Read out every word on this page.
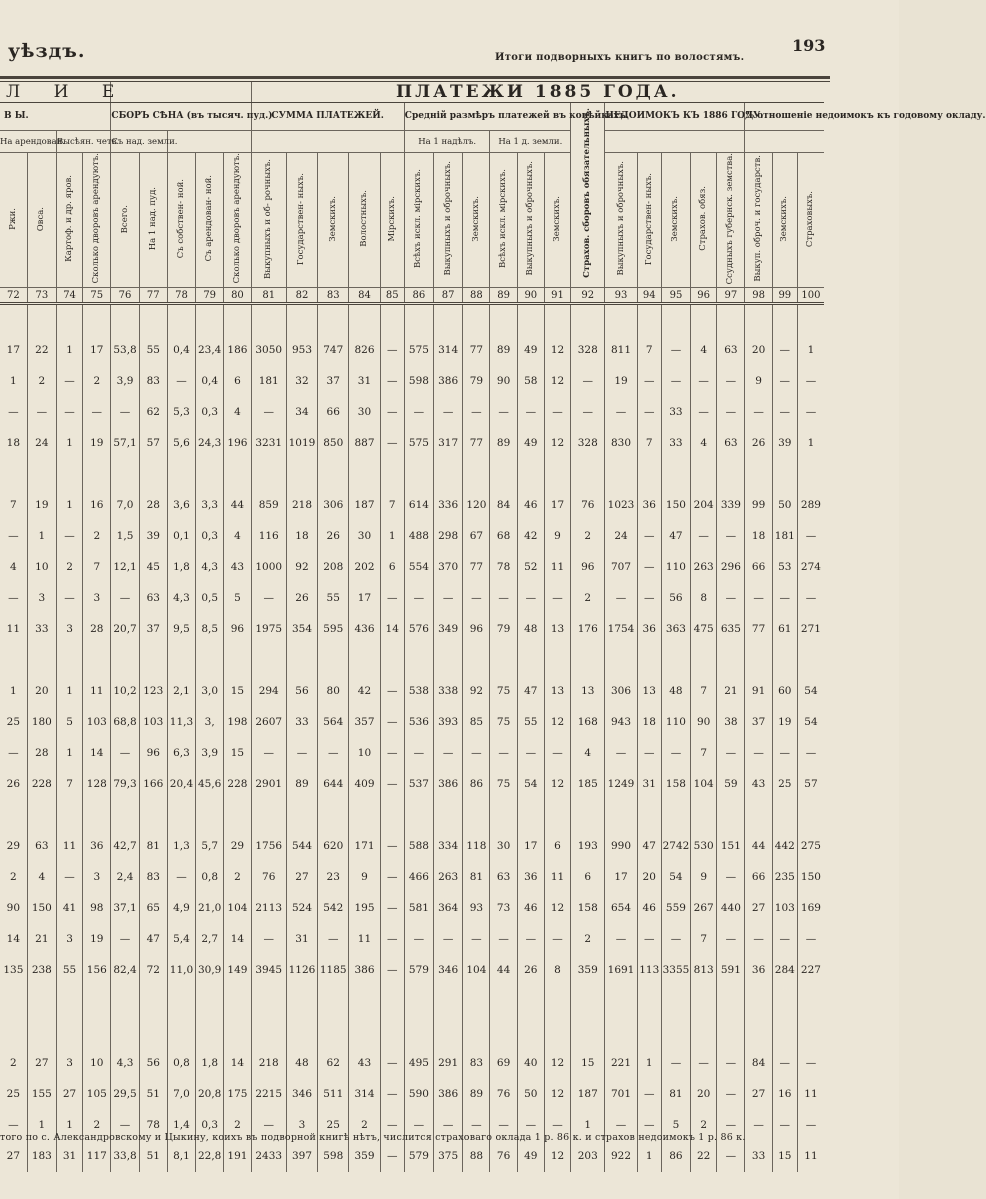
уѣздъ.	Итоги подворныхъ книгъ по волостямъ.
193
Л И Е									ПЛАТЕЖИ 1885 ГОДА.																			
В Ы.				СБОРЪ СѢНА (въ тысяч. пуд.)					СУММА ПЛАТЕЖЕЙ.					Средній размѣръ платежей въ копѣйкахъ.						Страхов. сборовъ обязательныхъ.	НЕДОИМОКЪ КЪ 1886 ГОДУ.					% отношеніе недоимокъ къ годовому окладу.		
На арендован.		Высѣян. четв.		Съ над. земли.										На 1 надѣлъ.			На 1 д. земли.											
Ржи.	Овса.	Картоф. и др. яров.	Сколько дворовъ арендуютъ.	Всего.	На 1 над. пуд.	Съ собствен- ной.	Съ арендован- ной.	Сколько дворовъ арендуютъ.	Выкупныхъ и об- рочныхъ.	Государствен- ныхъ.	Земскихъ.	Волостныхъ.	Мірскихъ.	Всѣхъ искл. мірскихъ.	Выкупныхъ и оброчныхъ.	Земскихъ.	Всѣхъ искл. мірскихъ.	Выкупныхъ и оброчныхъ.	Земскихъ.		Выкупныхъ и оброчныхъ.	Государствен- ныхъ.	Земскихъ.	Страхов. обяз.	Ссудныхъ губернск. земства.	Выкуп. оброч. и государств.	Земскихъ.	Страховыхъ.
72	73	74	75	76	77	78	79	80	81	82	83	84	85	86	87	88	89	90	91	92	93	94	95	96	97	98	99	100

17	22	1	17	53,8	55	0,4	23,4	186	3050	953	747	826	—	575	314	77	89	49	12	328	811	7	—	4	63	20	—	1
1	2	—	2	3,9	83	—	0,4	6	181	32	37	31	—	598	386	79	90	58	12	—	19	—	—	—	—	9	—	—
—	—	—	—	—	62	5,3	0,3	4	—	34	66	30	—	—	—	—	—	—	—	—	—	—	33	—	—	—	—	—
18	24	1	19	57,1	57	5,6	24,3	196	3231	1019	850	887	—	575	317	77	89	49	12	328	830	7	33	4	63	26	39	1

7	19	1	16	7,0	28	3,6	3,3	44	859	218	306	187	7	614	336	120	84	46	17	76	1023	36	150	204	339	99	50	289
—	1	—	2	1,5	39	0,1	0,3	4	116	18	26	30	1	488	298	67	68	42	9	2	24	—	47	—	—	18	181	—
4	10	2	7	12,1	45	1,8	4,3	43	1000	92	208	202	6	554	370	77	78	52	11	96	707	—	110	263	296	66	53	274
—	3	—	3	—	63	4,3	0,5	5	—	26	55	17	—	—	—	—	—	—	—	2	—	—	56	8	—	—	—	—
11	33	3	28	20,7	37	9,5	8,5	96	1975	354	595	436	14	576	349	96	79	48	13	176	1754	36	363	475	635	77	61	271

1	20	1	11	10,2	123	2,1	3,0	15	294	56	80	42	—	538	338	92	75	47	13	13	306	13	48	7	21	91	60	54
25	180	5	103	68,8	103	11,3	3,	198	2607	33	564	357	—	536	393	85	75	55	12	168	943	18	110	90	38	37	19	54
—	28	1	14	—	96	6,3	3,9	15	—	—	—	10	—	—	—	—	—	—	—	4	—	—	—	7	—	—	—	—
26	228	7	128	79,3	166	20,4	45,6	228	2901	89	644	409	—	537	386	86	75	54	12	185	1249	31	158	104	59	43	25	57

29	63	11	36	42,7	81	1,3	5,7	29	1756	544	620	171	—	588	334	118	30	17	6	193	990	47	2742	530	151	44	442	275
2	4	—	3	2,4	83	—	0,8	2	76	27	23	9	—	466	263	81	63	36	11	6	17	20	54	9	—	66	235	150
90	150	41	98	37,1	65	4,9	21,0	104	2113	524	542	195	—	581	364	93	73	46	12	158	654	46	559	267	440	27	103	169
14	21	3	19	—	47	5,4	2,7	14	—	31	—	11	—	—	—	—	—	—	—	2	—	—	—	7	—	—	—	—
135	238	55	156	82,4	72	11,0	30,9	149	3945	1126	1185	386	—	579	346	104	44	26	8	359	1691	113	3355	813	591	36	284	227

2	27	3	10	4,3	56	0,8	1,8	14	218	48	62	43	—	495	291	83	69	40	12	15	221	1	—	—	—	84	—	—
25	155	27	105	29,5	51	7,0	20,8	175	2215	346	511	314	—	590	386	89	76	50	12	187	701	—	81	20	—	27	16	11
—	1	1	2	—	78	1,4	0,3	2	—	3	25	2	—	—	—	—	—	—	—	1	—	—	5	2	—	—	—	—
27	183	31	117	33,8	51	8,1	22,8	191	2433	397	598	359	—	579	375	88	76	49	12	203	922	1	86	22	—	33	15	11
того по с. Александровскому и Цыкину, коихъ въ подворной книгѣ нѣтъ, числится страховаго оклада 1 р. 86 к. и страхов недоимокъ 1 р. 86 к.
